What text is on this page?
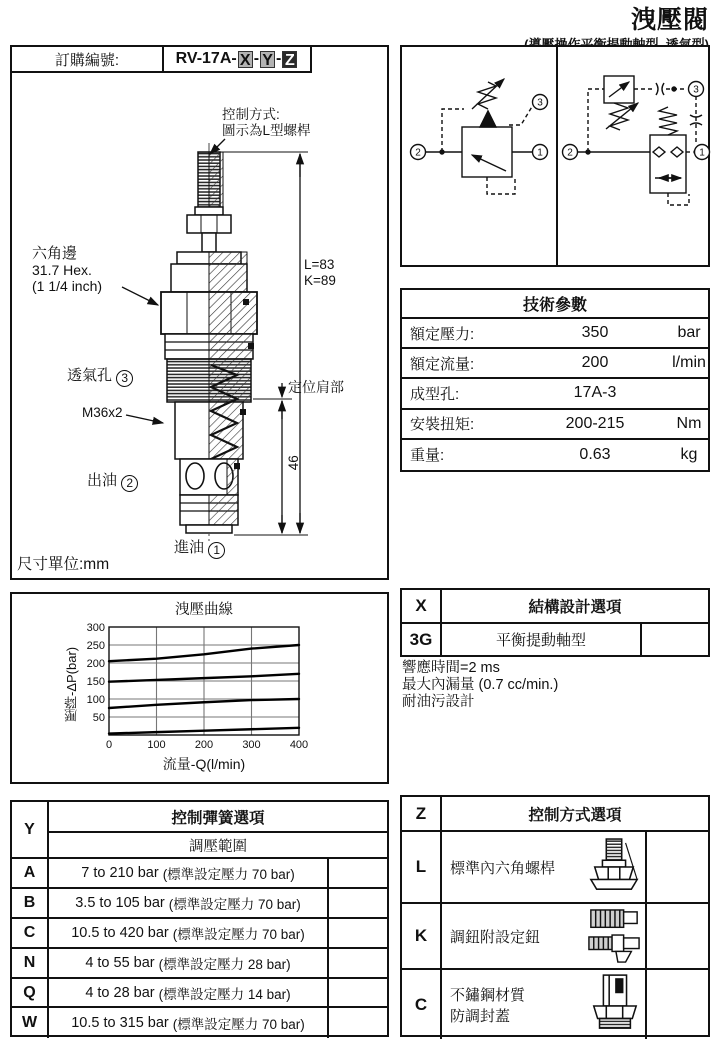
洩壓閥
訂購編號:	RV-17A- X - Y - Z
控制方式:
圖示為L型螺桿
六角邊
31.7 Hex.
(1 1/4 inch)
透氣孔 3
M36x2
出油 2
進油 1
L=83
K=89
定位肩部
46
尺寸單位:mm
2	1
3
2	1
3
技術參數
額定壓力:	350	bar
額定流量:	200	l/min
成型孔:	17A-3
安裝扭矩:	200-215	Nm
重量:	0.63	kg
X	結構設計選項
3G	平衡提動軸型
響應時間=2 ms
最大內漏量 (0.7 cc/min.)
耐油污設計
洩壓曲線
壓降-ΔP(bar)
流量-Q(l/min)
50
100
150
200
250
300
0	100	200	300	400
Y
控制彈簧選項
調壓範圍
A	7 to 210 bar (標準設定壓力 70 bar)
B	3.5 to 105 bar (標準設定壓力 70 bar)
C	10.5 to 420 bar (標準設定壓力 70 bar)
N	4 to 55 bar (標準設定壓力 28 bar)
Q	4 to 28 bar (標準設定壓力 14 bar)
W	10.5 to 315 bar (標準設定壓力 70 bar)
Z	控制方式選項
L	標準內六角螺桿
K	調鈕附設定鈕
C	不鏽鋼材質
防調封蓋
